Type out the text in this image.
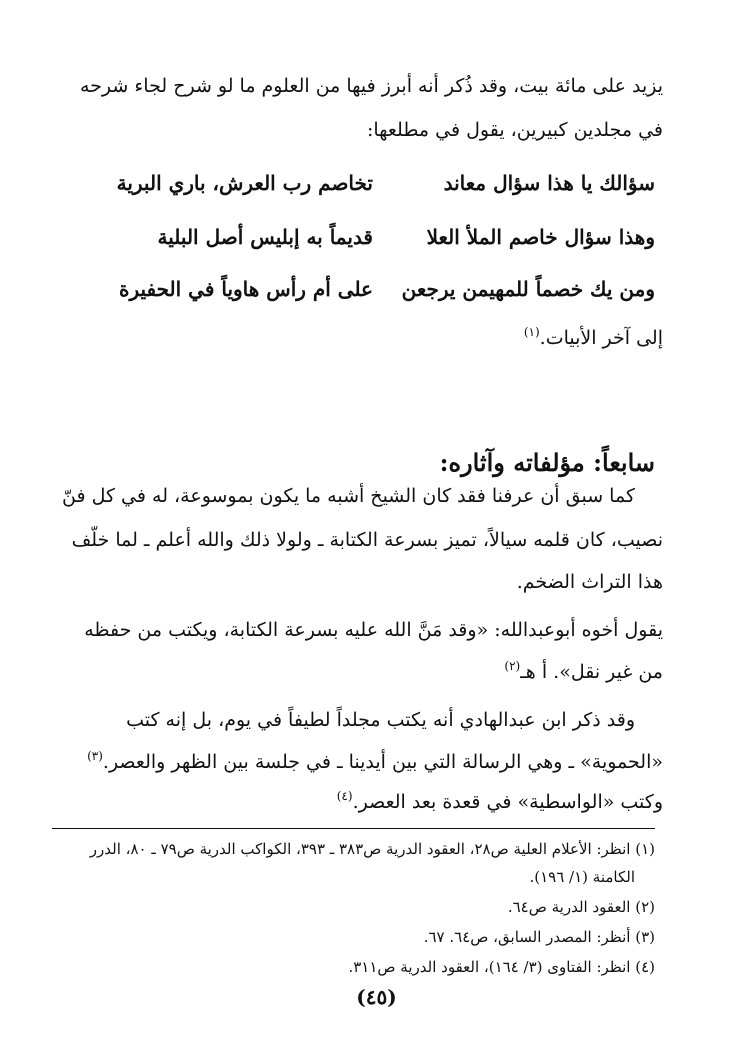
يزيد على مائة بيت، وقد ذُكر أنه أبرز فيها من العلوم ما لو شرح لجاء شرحه
في مجلدين كبيرين، يقول في مطلعها:
سؤالك يا هذا سؤال معاند
تخاصم رب العرش، باري البرية
وهذا سؤال خاصم الملأ العلا
قديماً به إبليس أصل البلية
ومن يك خصماً للمهيمن يرجعن
على أم رأس هاوياً في الحفيرة
إلى آخر الأبيات.$^{(١)}$
سابعاً: مؤلفاته وآثاره:
كما سبق أن عرفنا فقد كان الشيخ أشبه ما يكون بموسوعة، له في كل فنّ
نصيب، كان قلمه سيالاً، تميز بسرعة الكتابة ـ ولولا ذلك والله أعلم ـ لما خلّف
هذا التراث الضخم.
يقول أخوه أبوعبدالله: «وقد مَنَّ الله عليه بسرعة الكتابة، ويكتب من حفظه
من غير نقل». أ هـ$^{(٢)}$
وقد ذكر ابن عبدالهادي أنه يكتب مجلداً لطيفاً في يوم، بل إنه كتب
«الحموية» ـ وهي الرسالة التي بين أيدينا ـ في جلسة بين الظهر والعصر.$^{(٣)}$
وكتب «الواسطية» في قعدة بعد العصر.$^{(٤)}$
(١) انظر: الأعلام العلية ص٢٨، العقود الدرية ص٣٨٣ ـ ٣٩٣، الكواكب الدرية ص٧٩ ـ ٨٠، الدرر
الكامنة (١/ ١٩٦).
(٢) العقود الدرية ص٦٤.
(٣) أنظر: المصدر السابق، ص٦٤. ٦٧.
(٤) انظر: الفتاوى (٣/ ١٦٤)، العقود الدرية ص٣١١.
(٤٥)
